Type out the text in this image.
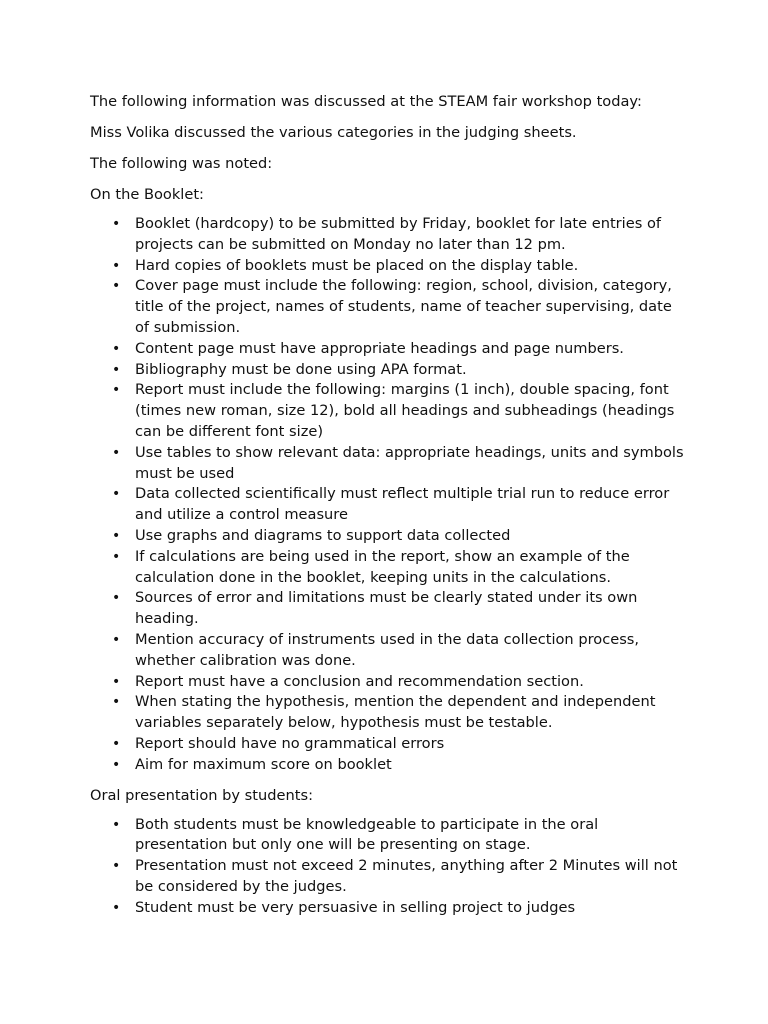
The following information was discussed at the STEAM fair workshop today:

Miss Volika discussed the various categories in the judging sheets.

The following was noted:

On the Booklet:

• Booklet (hardcopy) to be submitted by Friday, booklet for late entries of projects can be submitted on Monday no later than 12 pm.
• Hard copies of booklets must be placed on the display table.
• Cover page must include the following: region, school, division, category, title of the project, names of students, name of teacher supervising, date of submission.
• Content page must have appropriate headings and page numbers.
• Bibliography must be done using APA format.
• Report must include the following: margins (1 inch), double spacing, font (times new roman, size 12), bold all headings and subheadings (headings can be different font size)
• Use tables to show relevant data: appropriate headings, units and symbols must be used
• Data collected scientifically must reflect multiple trial run to reduce error and utilize a control measure
• Use graphs and diagrams to support data collected
• If calculations are being used in the report, show an example of the calculation done in the booklet, keeping units in the calculations.
• Sources of error and limitations must be clearly stated under its own heading.
• Mention accuracy of instruments used in the data collection process, whether calibration was done.
• Report must have a conclusion and recommendation section.
• When stating the hypothesis, mention the dependent and independent variables separately below, hypothesis must be testable.
• Report should have no grammatical errors
• Aim for maximum score on booklet

Oral presentation by students:

• Both students must be knowledgeable to participate in the oral presentation but only one will be presenting on stage.
• Presentation must not exceed 2 minutes, anything after 2 Minutes will not be considered by the judges.
• Student must be very persuasive in selling project to judges
